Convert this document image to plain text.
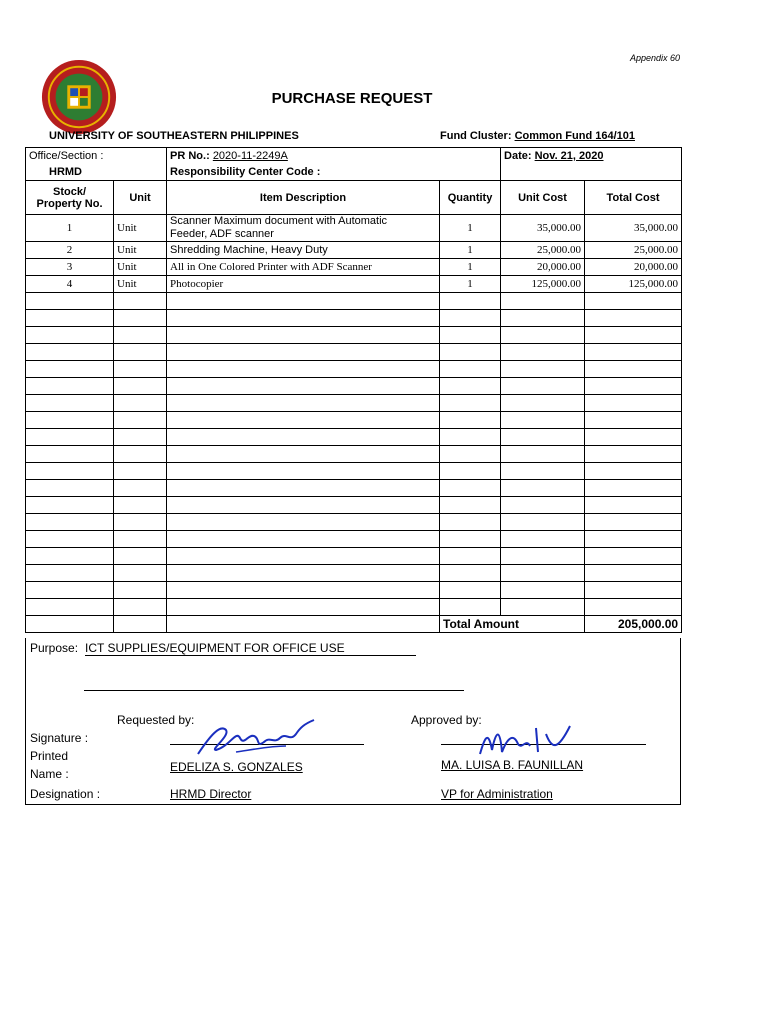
Appendix 60
PURCHASE REQUEST
UNIVERSITY OF SOUTHEASTERN PHILIPPINES	Fund Cluster: Common Fund 164/101
Office/Section :		PR No.: 2020-11-2249A		Date: Nov. 21, 2020	
HRMD		Responsibility Center Code :			

Stock/
Property No.	Unit	Item Description	Quantity	Unit Cost	Total Cost
1	Unit	Scanner Maximum document with Automatic
Feeder, ADF scanner	1	35,000.00	35,000.00
2	Unit	Shredding Machine, Heavy Duty	1	25,000.00	25,000.00
3	Unit	All in One Colored Printer with ADF Scanner	1	20,000.00	20,000.00
4	Unit	Photocopier	1	125,000.00	125,000.00

			Total Amount		205,000.00
Purpose: ICT SUPPLIES/EQUIPMENT FOR OFFICE USE
Requested by:	Approved by:
Signature :
Printed
Name :
Designation :
EDELIZA S. GONZALES	MA. LUISA B. FAUNILLAN
HRMD Director	VP for Administration
